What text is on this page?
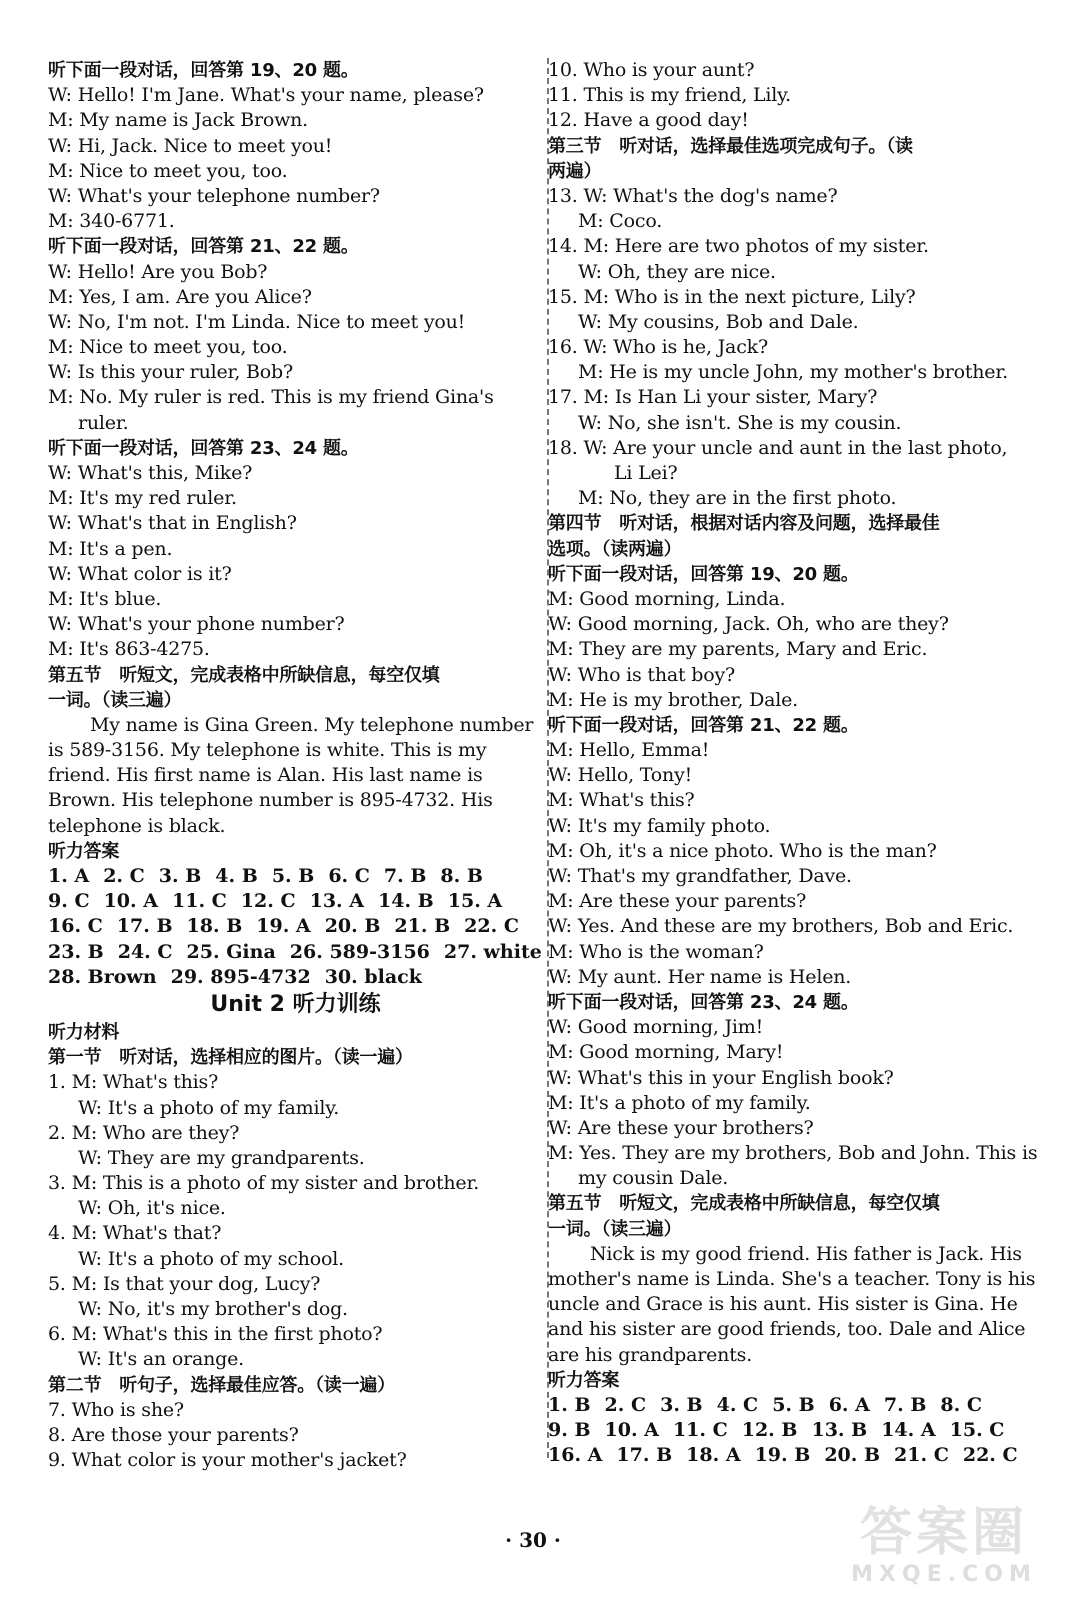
听下面一段对话，回答第 19、20 题。
W: Hello! I'm Jane. What's your name, please?
M: My name is Jack Brown.
W: Hi, Jack. Nice to meet you!
M: Nice to meet you, too.
W: What's your telephone number?
M: 340-6771.
听下面一段对话，回答第 21、22 题。
W: Hello! Are you Bob?
M: Yes, I am. Are you Alice?
W: No, I'm not. I'm Linda. Nice to meet you!
M: Nice to meet you, too.
W: Is this your ruler, Bob?
M: No. My ruler is red. This is my friend Gina's
ruler.
听下面一段对话，回答第 23、24 题。
W: What's this, Mike?
M: It's my red ruler.
W: What's that in English?
M: It's a pen.
W: What color is it?
M: It's blue.
W: What's your phone number?
M: It's 863-4275.
第五节　听短文，完成表格中所缺信息，每空仅填
一词。（读三遍）
My name is Gina Green. My telephone number
is 589-3156. My telephone is white. This is my
friend. His first name is Alan. His last name is
Brown. His telephone number is 895-4732. His
telephone is black.
听力答案
1. A 2. C 3. B 4. B 5. B 6. C 7. B 8. B
9. C 10. A 11. C 12. C 13. A 14. B 15. A
16. C 17. B 18. B 19. A 20. B 21. B 22. C
23. B 24. C 25. Gina 26. 589-3156 27. white
28. Brown 29. 895-4732 30. black
Unit 2 听力训练
听力材料
第一节　听对话，选择相应的图片。（读一遍）
1. M: What's this?
W: It's a photo of my family.
2. M: Who are they?
W: They are my grandparents.
3. M: This is a photo of my sister and brother.
W: Oh, it's nice.
4. M: What's that?
W: It's a photo of my school.
5. M: Is that your dog, Lucy?
W: No, it's my brother's dog.
6. M: What's this in the first photo?
W: It's an orange.
第二节　听句子，选择最佳应答。（读一遍）
7. Who is she?
8. Are those your parents?
9. What color is your mother's jacket?
10. Who is your aunt?
11. This is my friend, Lily.
12. Have a good day!
第三节　听对话，选择最佳选项完成句子。（读
两遍）
13. W: What's the dog's name?
M: Coco.
14. M: Here are two photos of my sister.
W: Oh, they are nice.
15. M: Who is in the next picture, Lily?
W: My cousins, Bob and Dale.
16. W: Who is he, Jack?
M: He is my uncle John, my mother's brother.
17. M: Is Han Li your sister, Mary?
W: No, she isn't. She is my cousin.
18. W: Are your uncle and aunt in the last photo,
Li Lei?
M: No, they are in the first photo.
第四节　听对话，根据对话内容及问题，选择最佳
选项。（读两遍）
听下面一段对话，回答第 19、20 题。
M: Good morning, Linda.
W: Good morning, Jack. Oh, who are they?
M: They are my parents, Mary and Eric.
W: Who is that boy?
M: He is my brother, Dale.
听下面一段对话，回答第 21、22 题。
M: Hello, Emma!
W: Hello, Tony!
M: What's this?
W: It's my family photo.
M: Oh, it's a nice photo. Who is the man?
W: That's my grandfather, Dave.
M: Are these your parents?
W: Yes. And these are my brothers, Bob and Eric.
M: Who is the woman?
W: My aunt. Her name is Helen.
听下面一段对话，回答第 23、24 题。
W: Good morning, Jim!
M: Good morning, Mary!
W: What's this in your English book?
M: It's a photo of my family.
W: Are these your brothers?
M: Yes. They are my brothers, Bob and John. This is
my cousin Dale.
第五节　听短文，完成表格中所缺信息，每空仅填
一词。（读三遍）
Nick is my good friend. His father is Jack. His
mother's name is Linda. She's a teacher. Tony is his
uncle and Grace is his aunt. His sister is Gina. He
and his sister are good friends, too. Dale and Alice
are his grandparents.
听力答案
1. B 2. C 3. B 4. C 5. B 6. A 7. B 8. C
9. B 10. A 11. C 12. B 13. B 14. A 15. C
16. A 17. B 18. A 19. B 20. B 21. C 22. C
· 30 ·	答案圈
MXQE.COM
